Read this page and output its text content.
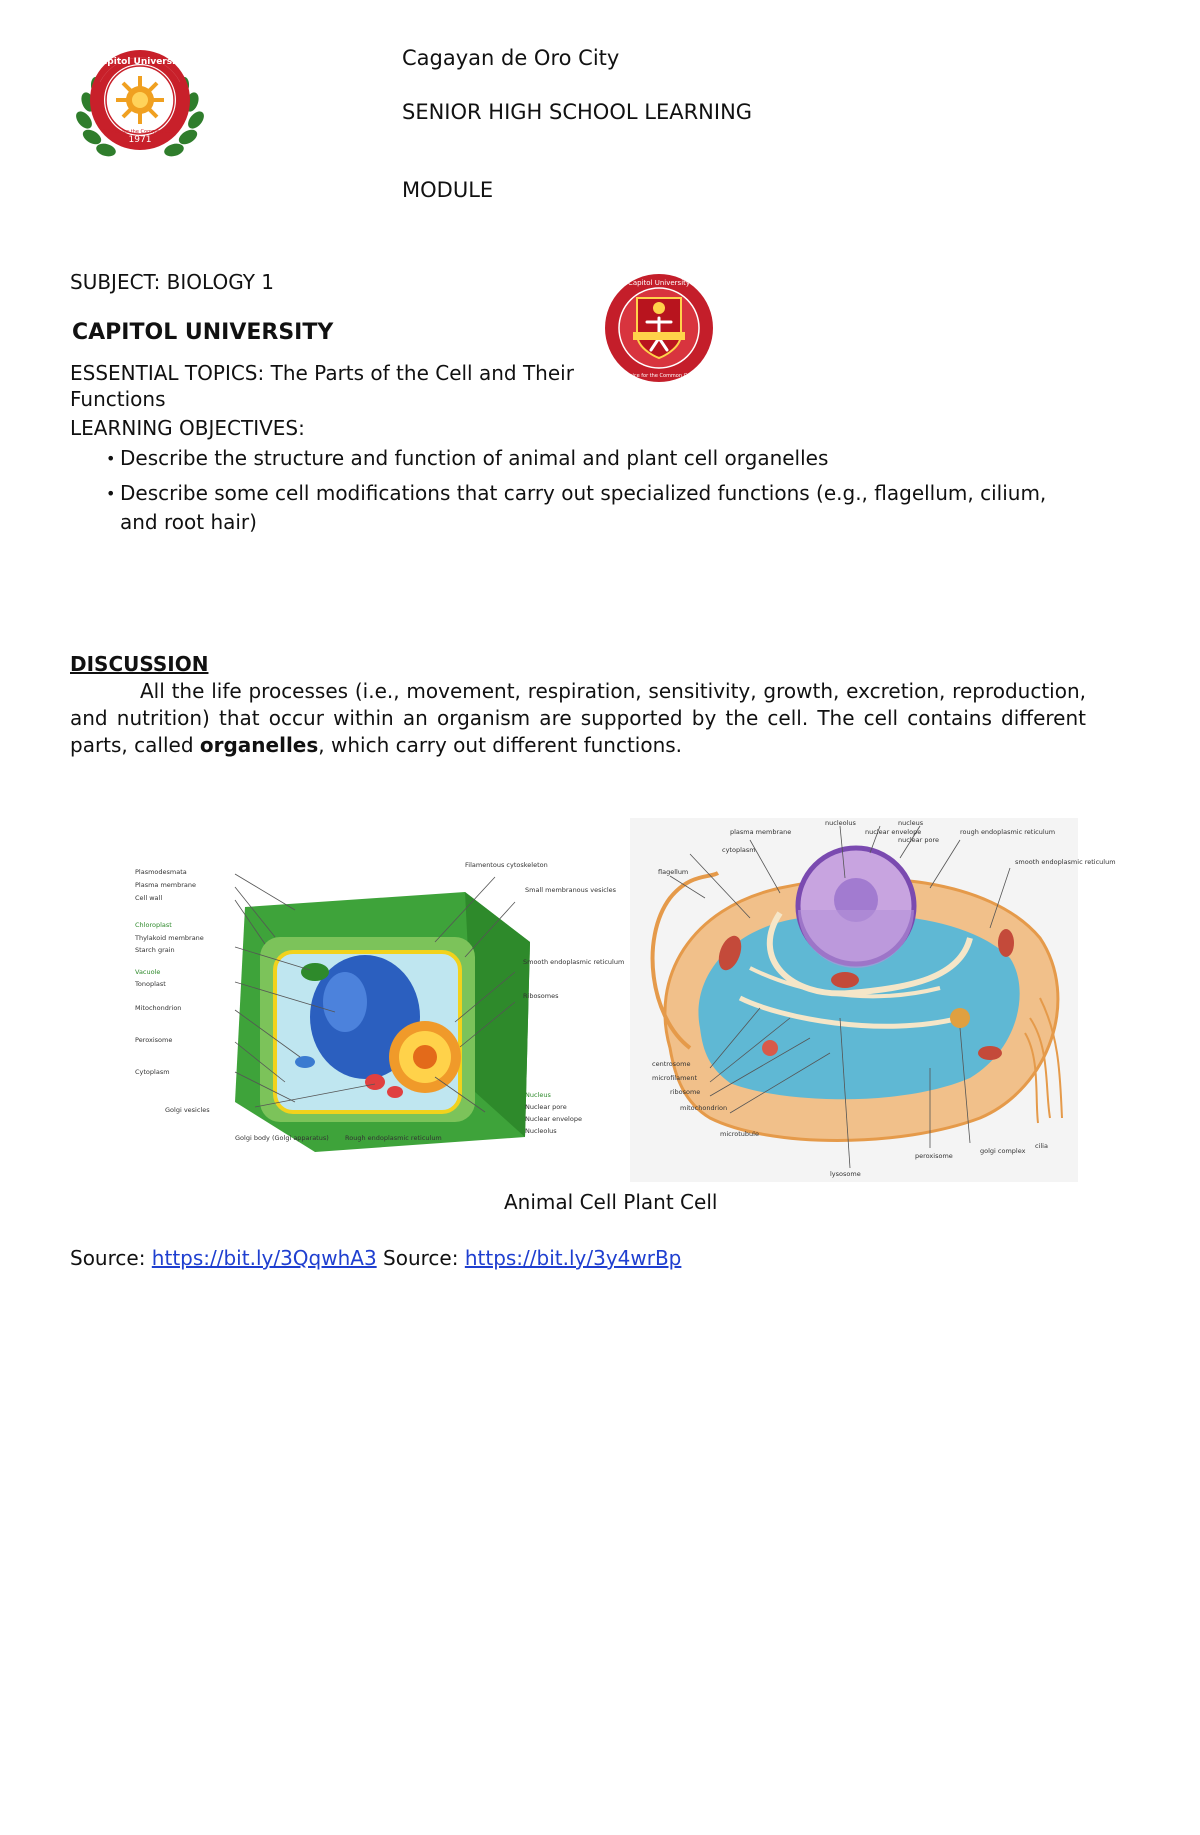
Capitol University
1971
Service for the Common Good
Cagayan de Oro City
SENIOR HIGH SCHOOL LEARNING
MODULE
SUBJECT: BIOLOGY 1
CAPITOL UNIVERSITY
Capitol University
Service for the Common Good
ESSENTIAL TOPICS: The Parts of the Cell and Their
Functions
LEARNING OBJECTIVES:
• Describe the structure and function of animal and plant cell organelles
• Describe some cell modifications that carry out specialized functions (e.g., flagellum, cilium, and root hair)
DISCUSSION
All the life processes (i.e., movement, respiration, sensitivity, growth, excretion, reproduction, and nutrition) that occur within an organism are supported by the cell. The cell contains different parts, called organelles, which carry out different functions.
Plasmodesmata
Plasma membrane
Cell wall
Chloroplast
Thylakoid membrane
Starch grain
Vacuole
Tonoplast
Mitochondrion
Peroxisome
Cytoplasm
Golgi vesicles
Golgi body (Golgi apparatus) Rough endoplasmic reticulum
Filamentous cytoskeleton
Small membranous vesicles
Smooth endoplasmic reticulum
Ribosomes
Nucleus
Nuclear pore
Nuclear envelope
Nucleolus
nucleolus
nuclear envelope
nucleus
nuclear pore
plasma membrane
cytoplasm
flagellum
rough endoplasmic reticulum
smooth endoplasmic reticulum
centrosome
microfilament
ribosome
mitochondrion
microtubule
lysosome
peroxisome
golgi complex
cilia
Animal Cell Plant Cell
Source: https://bit.ly/3QqwhA3 Source: https://bit.ly/3y4wrBp
